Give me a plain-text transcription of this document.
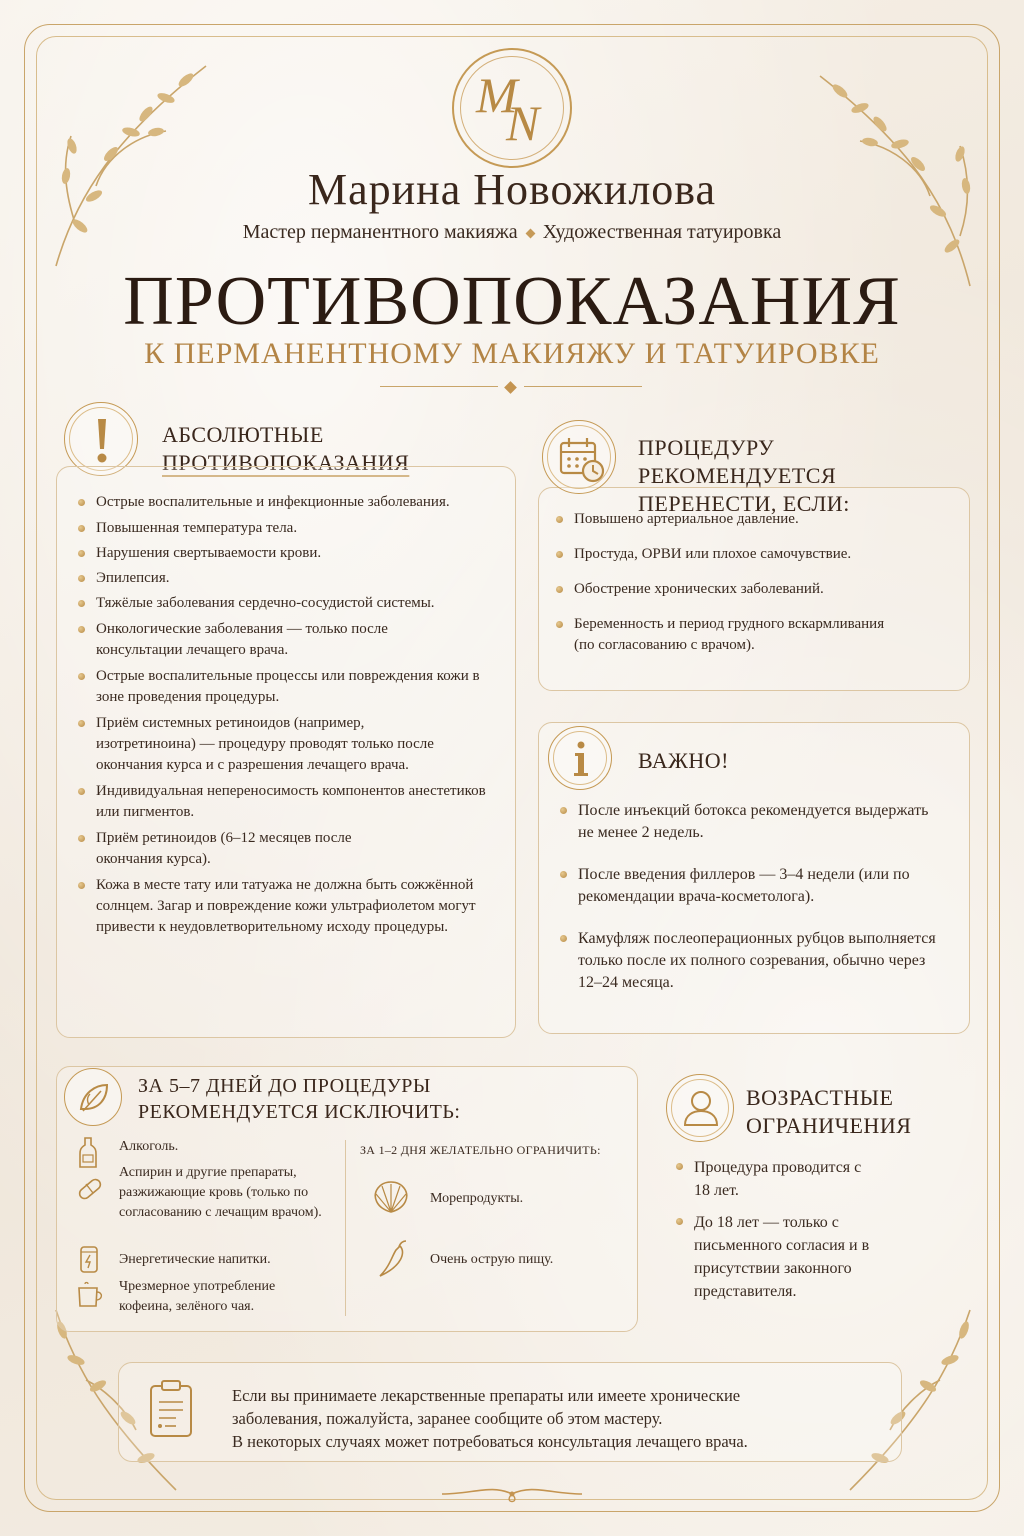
M
N
Марина Новожилова
Мастер перманентного макияжа Художественная татуировка
ПРОТИВОПОКАЗАНИЯ
К ПЕРМАНЕНТНОМУ МАКИЯЖУ И ТАТУИРОВКЕ
АБСОЛЮТНЫЕ
ПРОТИВОПОКАЗАНИЯ
Острые воспалительные и инфекционные заболевания.
Повышенная температура тела.
Нарушения свертываемости крови.
Эпилепсия.
Тяжёлые заболевания сердечно-сосудистой системы.
Онкологические заболевания — только после консультации лечащего врача.
Острые воспалительные процессы или повреждения кожи в зоне проведения процедуры.
Приём системных ретиноидов (например, изотретиноина) — процедуру проводят только после окончания курса и с разрешения лечащего врача.
Индивидуальная непереносимость компонентов анестетиков или пигментов.
Приём ретиноидов (6–12 месяцев после окончания курса).
Кожа в месте тату или татуажа не должна быть сожжённой солнцем. Загар и повреждение кожи ультрафиолетом могут привести к неудовлетворительному исходу процедуры.
ПРОЦЕДУРУ РЕКОМЕНДУЕТСЯ
ПЕРЕНЕСТИ, ЕСЛИ:
Повышено артериальное давление.
Простуда, ОРВИ или плохое самочувствие.
Обострение хронических заболеваний.
Беременность и период грудного вскармливания (по согласованию с врачом).
ВАЖНО!
После инъекций ботокса рекомендуется выдержать не менее 2 недель.
После введения филлеров — 3–4 недели (или по рекомендации врача-косметолога).
Камуфляж послеоперационных рубцов выполняется только после их полного созревания, обычно через 12–24 месяца.
ЗА 5–7 ДНЕЙ ДО ПРОЦЕДУРЫ
РЕКОМЕНДУЕТСЯ ИСКЛЮЧИТЬ:
Алкоголь.
Аспирин и другие препараты, разжижающие кровь (только по согласованию с лечащим врачом).
Энергетические напитки.
Чрезмерное употребление кофеина, зелёного чая.
ЗА 1–2 ДНЯ ЖЕЛАТЕЛЬНО ОГРАНИЧИТЬ:
Морепродукты.
Очень острую пищу.
ВОЗРАСТНЫЕ
ОГРАНИЧЕНИЯ
Процедура проводится с 18 лет.
До 18 лет — только с письменного согласия и в присутствии законного представителя.
Если вы принимаете лекарственные препараты или имеете хронические
заболевания, пожалуйста, заранее сообщите об этом мастеру.
В некоторых случаях может потребоваться консультация лечащего врача.
